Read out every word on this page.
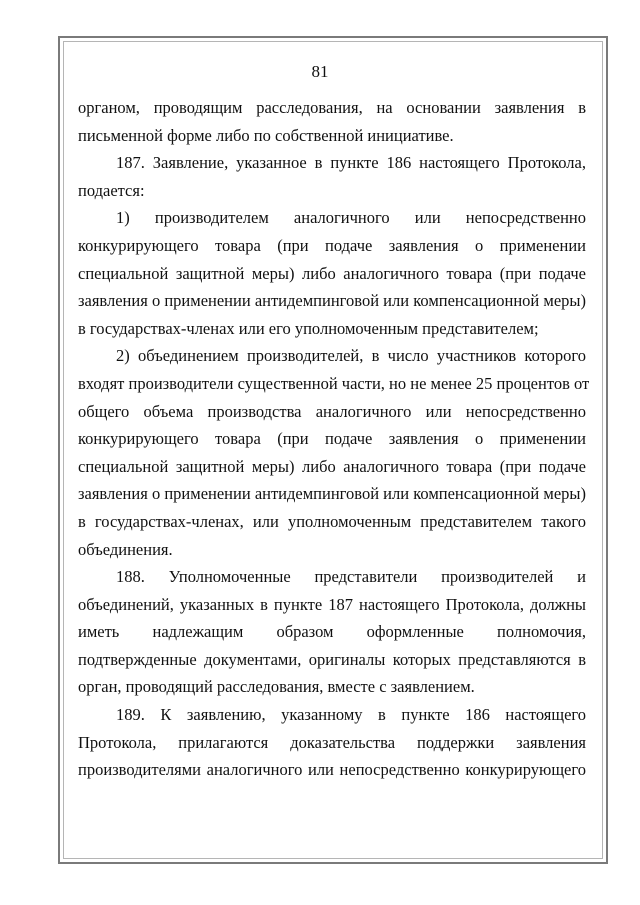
81
органом, проводящим расследования, на основании заявления в
письменной форме либо по собственной инициативе.
187. Заявление, указанное в пункте 186 настоящего Протокола,
подается:
1) производителем аналогичного или непосредственно
конкурирующего товара (при подаче заявления о применении
специальной защитной меры) либо аналогичного товара (при подаче
заявления о применении антидемпинговой или компенсационной меры)
в государствах-членах или его уполномоченным представителем;
2) объединением производителей, в число участников которого
входят производители существенной части, но не менее 25 процентов от
общего объема производства аналогичного или непосредственно
конкурирующего товара (при подаче заявления о применении
специальной защитной меры) либо аналогичного товара (при подаче
заявления о применении антидемпинговой или компенсационной меры)
в государствах-членах, или уполномоченным представителем такого
объединения.
188. Уполномоченные представители производителей и
объединений, указанных в пункте 187 настоящего Протокола, должны
иметь надлежащим образом оформленные полномочия,
подтвержденные документами, оригиналы которых представляются в
орган, проводящий расследования, вместе с заявлением.
189. К заявлению, указанному в пункте 186 настоящего
Протокола, прилагаются доказательства поддержки заявления
производителями аналогичного или непосредственно конкурирующего
